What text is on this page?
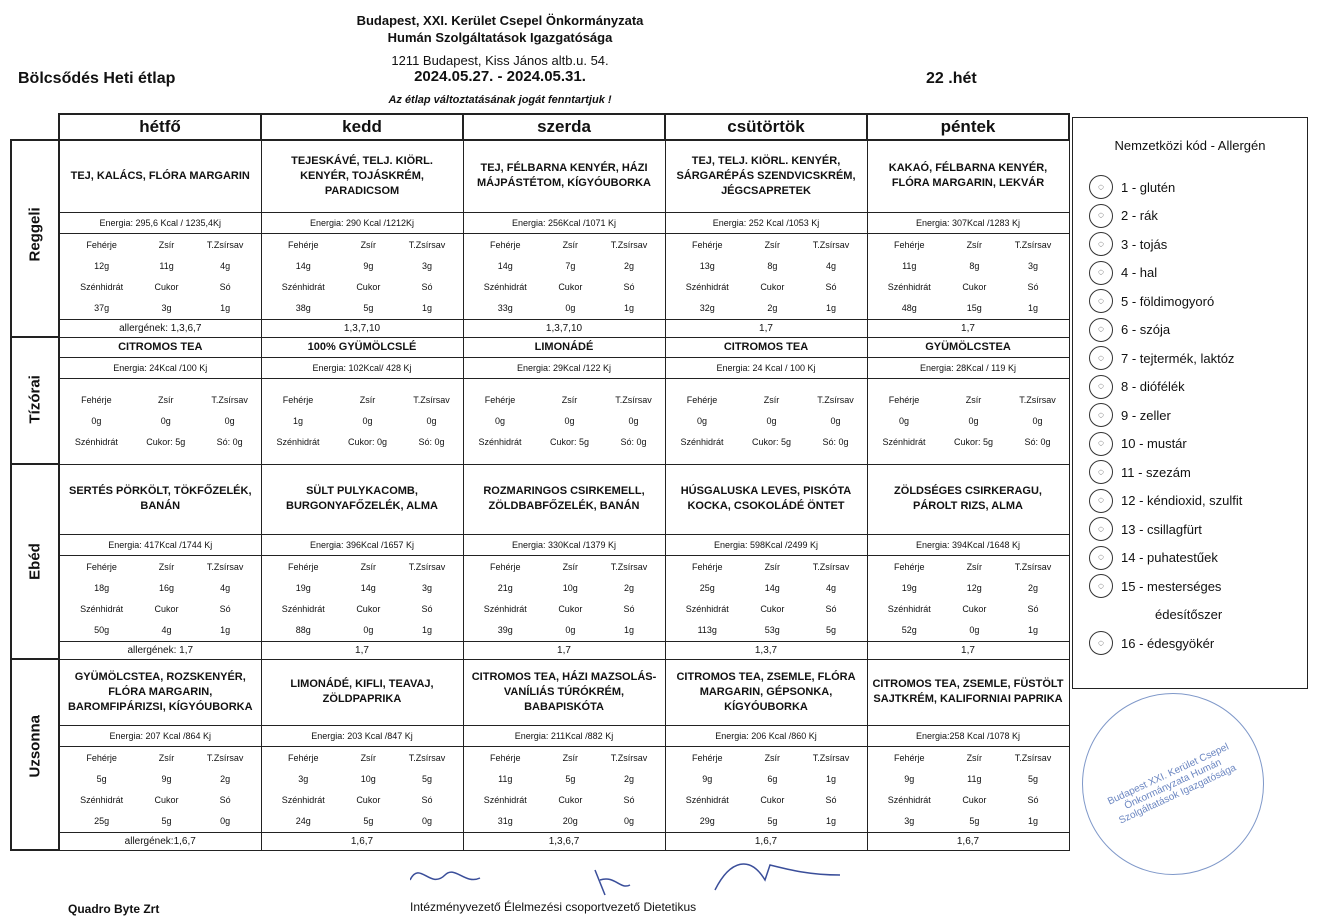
Budapest, XXI. Kerület Csepel Önkormányzata
Humán Szolgáltatások Igazgatósága
1211 Budapest, Kiss János altb.u. 54.
2024.05.27. - 2024.05.31.
Az étlap változtatásának jogát fenntartjuk !
Bölcsődés Heti étlap	22 .hét
	hétfő	kedd	szerda	csütörtök	péntek

Reggeli
	TEJ, KALÁCS, FLÓRA MARGARIN	TEJESKÁVÉ, TELJ. KIÖRL. KENYÉR, TOJÁSKRÉM, PARADICSOM	TEJ, FÉLBARNA KENYÉR, HÁZI MÁJPÁSTÉTOM, KÍGYÓUBORKA	TEJ, TELJ. KIÖRL. KENYÉR, SÁRGARÉPÁS SZENDVICSKRÉM, JÉGCSAPRETEK	KAKAÓ, FÉLBARNA KENYÉR, FLÓRA MARGARIN, LEKVÁR
Energia: 295,6 Kcal / 1235,4Kj	Energia: 290 Kcal /1212Kj	Energia: 256Kcal /1071 Kj	Energia: 252 Kcal /1053 Kj	Energia: 307Kcal /1283 Kj

Fehérje	Zsír	T.Zsírsav
12g	11g	4g
Szénhidrát	Cukor	Só
37g	3g	1g

Fehérje	Zsír	T.Zsírsav
14g	9g	3g
Szénhidrát	Cukor	Só
38g	5g	1g

Fehérje	Zsír	T.Zsírsav
14g	7g	2g
Szénhidrát	Cukor	Só
33g	0g	1g

Fehérje	Zsír	T.Zsírsav
13g	8g	4g
Szénhidrát	Cukor	Só
32g	2g	1g

Fehérje	Zsír	T.Zsírsav
11g	8g	3g
Szénhidrát	Cukor	Só
48g	15g	1g

allergének: 1,3,6,7	1,3,7,10	1,3,7,10	1,7	1,7

Tízórai
	CITROMOS TEA	100% GYÜMÖLCSLÉ	LIMONÁDÉ	CITROMOS TEA	GYÜMÖLCSTEA
Energia: 24Kcal /100 Kj	Energia: 102Kcal/ 428 Kj	Energia: 29Kcal /122 Kj	Energia: 24 Kcal / 100 Kj	Energia: 28Kcal / 119 Kj

Fehérje	Zsír	T.Zsírsav
0g	0g	0g
Szénhidrát	Cukor: 5g	Só: 0g

Fehérje	Zsír	T.Zsírsav
1g	0g	0g
Szénhidrát	Cukor: 0g	Só: 0g

Fehérje	Zsír	T.Zsírsav
0g	0g	0g
Szénhidrát	Cukor: 5g	Só: 0g

Fehérje	Zsír	T.Zsírsav
0g	0g	0g
Szénhidrát	Cukor: 5g	Só: 0g

Fehérje	Zsír	T.Zsírsav
0g	0g	0g
Szénhidrát	Cukor: 5g	Só: 0g

Ebéd
	SERTÉS PÖRKÖLT, TÖKFŐZELÉK, BANÁN	SÜLT PULYKACOMB, BURGONYAFŐZELÉK, ALMA	ROZMARINGOS CSIRKEMELL, ZÖLDBABFŐZELÉK, BANÁN	HÚSGALUSKA LEVES, PISKÓTA KOCKA, CSOKOLÁDÉ ÖNTET	ZÖLDSÉGES CSIRKERAGU, PÁROLT RIZS, ALMA
Energia: 417Kcal /1744 Kj	Energia: 396Kcal /1657 Kj	Energia: 330Kcal /1379 Kj	Energia: 598Kcal /2499 Kj	Energia: 394Kcal /1648 Kj

Fehérje	Zsír	T.Zsírsav
18g	16g	4g
Szénhidrát	Cukor	Só
50g	4g	1g

Fehérje	Zsír	T.Zsírsav
19g	14g	3g
Szénhidrát	Cukor	Só
88g	0g	1g

Fehérje	Zsír	T.Zsírsav
21g	10g	2g
Szénhidrát	Cukor	Só
39g	0g	1g

Fehérje	Zsír	T.Zsírsav
25g	14g	4g
Szénhidrát	Cukor	Só
113g	53g	5g

Fehérje	Zsír	T.Zsírsav
19g	12g	2g
Szénhidrát	Cukor	Só
52g	0g	1g

allergének: 1,7	1,7	1,7	1,3,7	1,7

Uzsonna
	GYÜMÖLCSTEA, ROZSKENYÉR, FLÓRA MARGARIN, BAROMFIPÁRIZSI, KÍGYÓUBORKA	LIMONÁDÉ, KIFLI, TEAVAJ, ZÖLDPAPRIKA	CITROMOS TEA, HÁZI MAZSOLÁS-VANÍLIÁS TÚRÓKRÉM, BABAPISKÓTA	CITROMOS TEA, ZSEMLE, FLÓRA MARGARIN, GÉPSONKA, KÍGYÓUBORKA	CITROMOS TEA, ZSEMLE, FÜSTÖLT SAJTKRÉM, KALIFORNIAI PAPRIKA
Energia: 207 Kcal /864 Kj	Energia: 203 Kcal /847 Kj	Energia: 211Kcal /882 Kj	Energia: 206 Kcal /860 Kj	Energia:258 Kcal /1078 Kj

Fehérje	Zsír	T.Zsírsav
5g	9g	2g
Szénhidrát	Cukor	Só
25g	5g	0g

Fehérje	Zsír	T.Zsírsav
3g	10g	5g
Szénhidrát	Cukor	Só
24g	5g	0g

Fehérje	Zsír	T.Zsírsav
11g	5g	2g
Szénhidrát	Cukor	Só
31g	20g	0g

Fehérje	Zsír	T.Zsírsav
9g	6g	1g
Szénhidrát	Cukor	Só
29g	5g	1g

Fehérje	Zsír	T.Zsírsav
9g	11g	5g
Szénhidrát	Cukor	Só
3g	5g	1g

allergének:1,6,7	1,6,7	1,3,6,7	1,6,7	1,6,7
Nemzetközi kód - Allergén
◌	1 - glutén
◌	2 - rák
◌	3 - tojás
◌	4 - hal
◌	5 - földimogyoró
◌	6 - szója
◌	7 - tejtermék, laktóz
◌	8 - diófélék
◌	9 - zeller
◌	10 - mustár
◌	11 - szezám
◌	12 - kéndioxid, szulfit
◌	13 - csillagfürt
◌	14 - puhatestűek
◌	15 - mesterséges
édesítőszer
◌	16 - édesgyökér
Budapest XXI. Kerület Csepel Önkormányzata Humán Szolgáltatások Igazgatósága
Intézményvezető Élelmezési csoportvezető Dietetikus
Quadro Byte Zrt
